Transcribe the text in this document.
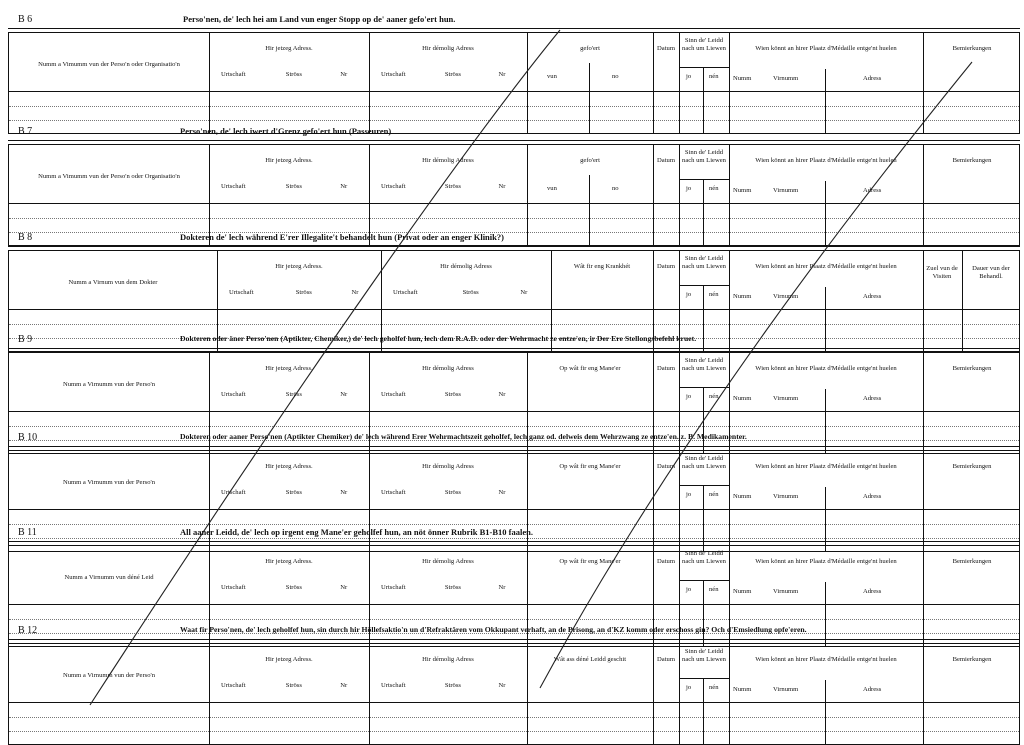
B 6	Perso'nen, de' lech hei am Land vun enger Stopp op de' aaner gefo'ert hun.
Numm a Vimumm vun der Perso'n oder Organisatio'n
Hir jetzeg Adress.
Urtschaft	Ströss	Nr
Hir démolig Adress
Urtschaft	Ströss	Nr
gefo'ert
vun	no
Datum
Sinn de' Leidd nach um Liewen
jo	nén
Wien könnt an hirer Plaatz d'Médaille entge'nt huelen
Numm	Virnumm	Adress
Bemierkungen
B 7	Perso'nen, de' lech iwert d'Grenz gefo'ert hun (Passeuren)
Numm a Vimumm vun der Perso'n oder Organisatio'n
Hir jetzeg Adress.
Urtschaft	Ströss	Nr
Hir démolig Adress
Urtschaft	Ströss	Nr
gefo'ert
vun	no
Datum
Sinn de' Leidd nach um Liewen
jo	nén
Wien könnt an hirer Plaatz d'Médaille entge'nt huelen
Numm	Virnumm	Adress
Bemierkungen
B 8	Dokteren de' lech während E'rer Illegalite't behandelt hun (Privat oder an enger Klinik?)
Numm a Virnum vun dem Dokter
Hir jetzeg Adress.
Urtschaft	Ströss	Nr
Hir démolig Adress
Urtschaft	Ströss	Nr
Wât fir eng Krankhét	Datum
Sinn de' Leidd nach um Liewen
jo	nén
Wien könnt an hirer Plaatz d'Médaille entge'nt huelen
Numm	Virnumm	Adress
Zuel vun de Visiten
Dauer vun der Behandl.
B 9	Dokteren oder äner Perso'nen (Aptikter, Chemiker,) de' lech geholfef hun, lech dem R.A.D. oder der Wehrmacht ze entze'en, ir Der Ere Stellongsbefehl kruet.
Numm a Virnumm vun der Perso'n
Hir jetzeg Adress.
Urtschaft	Ströss	Nr
Hir démolig Adress
Urtschaft	Ströss	Nr
Op wât fir eng Mane'er	Datum
Sinn de' Leidd nach um Liewen
jo	nén
Wien könnt an hirer Plaatz d'Médaille entge'nt huelen
Numm	Virnumm	Adress
Bemierkungen
B 10	Dokteren oder aaner Perso'nen (Aptikter Chemiker) de' lech während Erer Wehrmachtszeit geholfef, lech ganz od. delweis dem Wehrzwang ze entze'en. z. B. Medikamenter.
Numm a Virnumm vun der Perso'n
Hir jetzeg Adress.
Urtschaft	Ströss	Nr
Hir démolig Adress
Urtschaft	Ströss	Nr
Op wât fir eng Mane'er	Datum
Sinn de' Leidd nach um Liewen
jo	nén
Wien könnt an hirer Plaatz d'Médaille entge'nt huelen
Numm	Virnumm	Adress
Bemierkungen
B 11	All aaner Leidd, de' lech op irgent eng Mane'er geholfef hun, an nöt önner Rubrik B1-B10 faalen.
Numm a Virnumm vun déné Leid
Hir jetzeg Adress.
Urtschaft	Ströss	Nr
Hir démolig Adress
Urtschaft	Ströss	Nr
Op wât fir eng Mane'er	Datum
Sinn de' Leidd nach um Liewen
jo	nén
Wien könnt an hirer Plaatz d'Médaille entge'nt huelen
Numm	Virnumm	Adress
Bemierkungen
B 12	Waat fir Perso'nen, de' lech geholfef hun, sin durch hir Höllefsaktio'n un d'Refraktären vom Okkupant verhaft, an de Prisong, an d'KZ komm oder erschoss gin? Och d'Emsiedlung opfe'eren.
Numm a Virnumm vun der Perso'n
Hir jetzeg Adress.
Urtschaft	Ströss	Nr
Hir démolig Adress
Urtschaft	Ströss	Nr
Wât ass déné Leidd geschit	Datum
Sinn de' Leidd nach um Liewen
jo	nén
Wien könnt an hirer Plaatz d'Médaille entge'nt huelen
Numm	Virnumm	Adress
Bemierkungen
